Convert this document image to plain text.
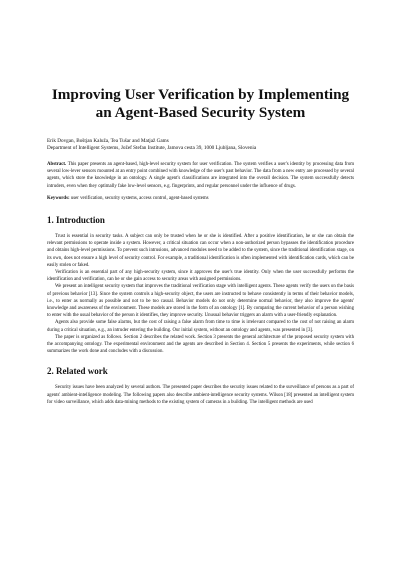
Improving User Verification by Implementing
an Agent-Based Security System
Erik Dovgan, Boštjan Kaluža, Tea Tušar and Matjaž Gams
Department of Intelligent Systems, Jožef Stefan Institute, Jamova cesta 39, 1000 Ljubljana, Slovenia

Abstract. This paper presents an agent-based, high-level security system for user verification. The system verifies a user's identity by processing data from several low-lever sensors mounted at an entry point combined with knowledge of the user's past behavior. The data from a new entry are processed by several agents, which store the knowledge in an ontology. A single agent's classifications are integrated into the overall decision. The system successfully detects intruders, even when they optimally fake low-level sensors, e.g. fingerprints, and regular personnel under the influence of drugs.

Keywords: user verification, security systems, access control, agent-based systems

1. Introduction

Trust is essential in security tasks. A subject can only be trusted when he or she is identified. After a positive identification, he or she can obtain the relevant permissions to operate inside a system. However, a critical situation can occur when a non-authorized person bypasses the identification procedure and obtains high-level permissions. To prevent such intrusions, advanced modules need to be added to the system, since the traditional identification stage, on its own, does not ensure a high level of security control. For example, a traditional identification is often implemented with identification cards, which can be easily stolen or faked.

Verification is an essential part of any high-security system, since it approves the user's true identity. Only when the user successfully performs the identification and verification, can he or she gain access to security areas with assigned permissions.

We present an intelligent security system that improves the traditional verification stage with intelligent agents. These agents verify the users on the basis of previous behavior [13]. Since the system controls a high-security object, the users are instructed to behave consistently in terms of their behavior models, i.e., to enter as normally as possible and not to be too casual. Behavior models do not only determine normal behavior, they also improve the agents' knowledge and awareness of the environment. These models are stored in the form of an ontology [1]. By comparing the current behavior of a person wishing to enter with the usual behavior of the person it identifies, they improve security. Unusual behavior triggers an alarm with a user-friendly explanation.

Agents also provide some false alarms, but the cost of raising a false alarm from time to time is irrelevant compared to the cost of not raising an alarm during a critical situation, e.g., an intruder entering the building. Our initial system, without an ontology and agents, was presented in [3].

The paper is organized as follows. Section 2 describes the related work. Section 3 presents the general architecture of the proposed security system with the accompanying ontology. The experimental environment and the agents are described in Section 4. Section 5 presents the experiments, while section 6 summarizes the work done and concludes with a discussion.

2. Related work

Security issues have been analyzed by several authors. The presented paper describes the security issues related to the surveillance of persons as a part of agents' ambient-intelligence modeling. The following papers also describe ambient-intelligence security systems. Wilson [18] presented an intelligent system for video surveillance, which adds data-mining methods to the existing system of cameras in a building. The intelligent methods are used
